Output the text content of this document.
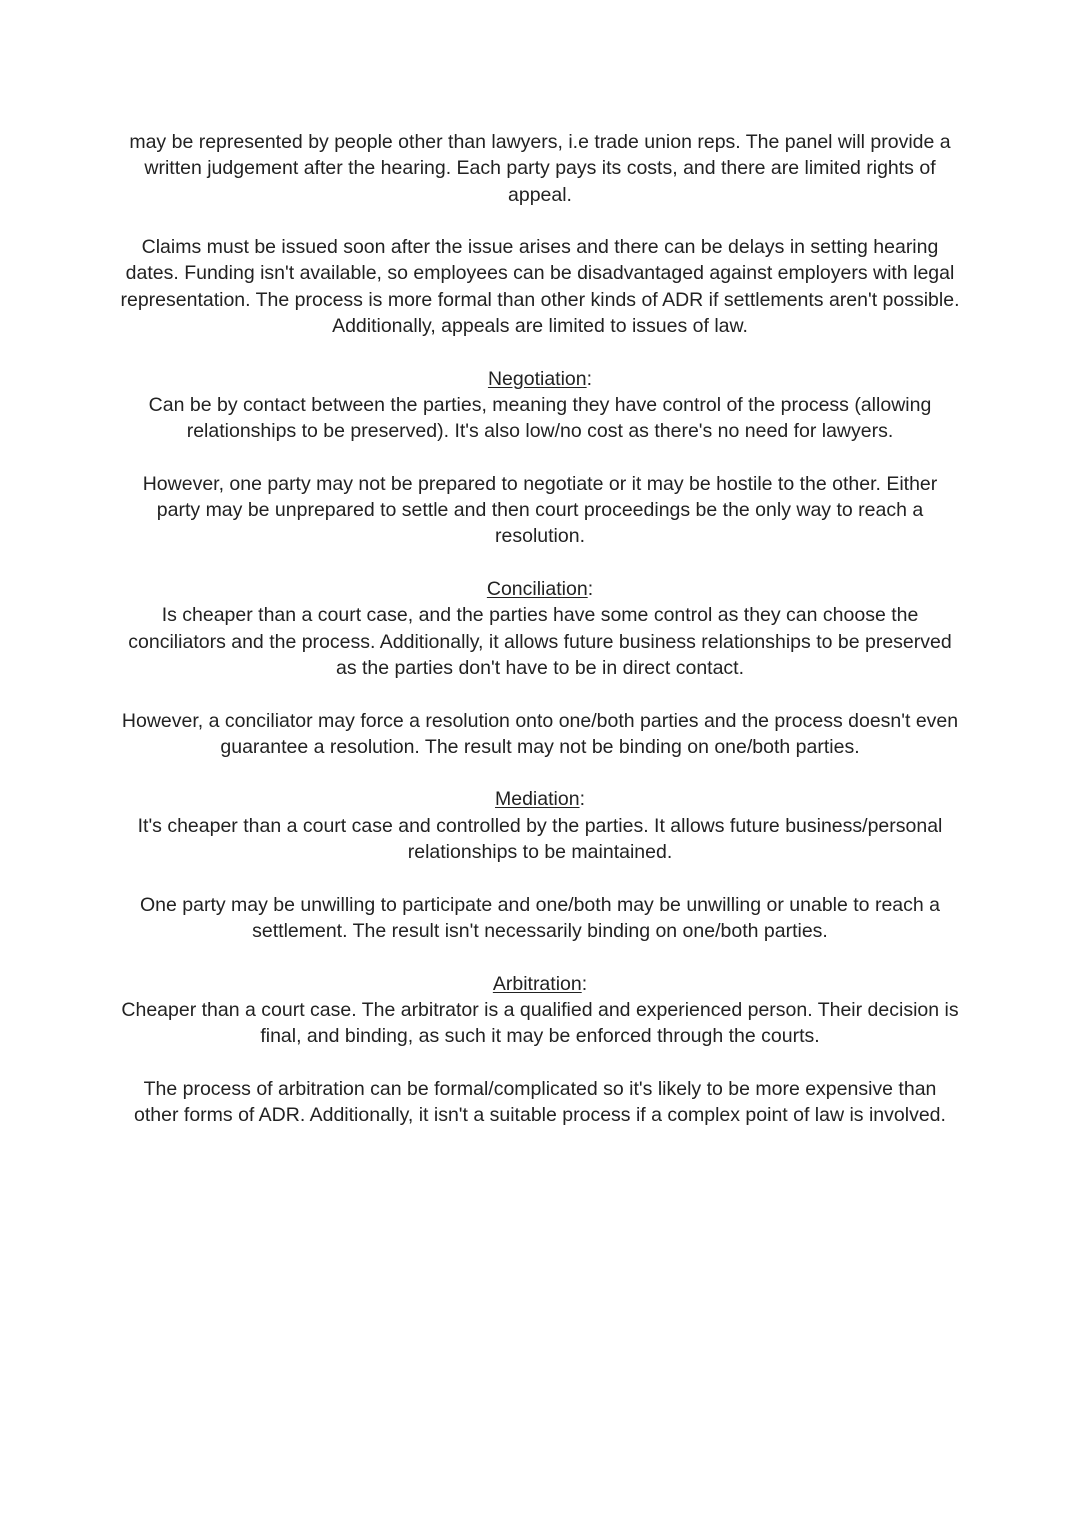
may be represented by people other than lawyers, i.e trade union reps. The panel will provide a written judgement after the hearing. Each party pays its costs, and there are limited rights of appeal.

Claims must be issued soon after the issue arises and there can be delays in setting hearing dates. Funding isn't available, so employees can be disadvantaged against employers with legal representation. The process is more formal than other kinds of ADR if settlements aren't possible. Additionally, appeals are limited to issues of law.

Negotiation:

Can be by contact between the parties, meaning they have control of the process (allowing relationships to be preserved). It's also low/no cost as there's no need for lawyers.

However, one party may not be prepared to negotiate or it may be hostile to the other. Either party may be unprepared to settle and then court proceedings be the only way to reach a resolution.

Conciliation:

Is cheaper than a court case, and the parties have some control as they can choose the conciliators and the process. Additionally, it allows future business relationships to be preserved as the parties don't have to be in direct contact.

However, a conciliator may force a resolution onto one/both parties and the process doesn't even guarantee a resolution. The result may not be binding on one/both parties.

Mediation:

It's cheaper than a court case and controlled by the parties. It allows future business/personal relationships to be maintained.

One party may be unwilling to participate and one/both may be unwilling or unable to reach a settlement. The result isn't necessarily binding on one/both parties.

Arbitration:

Cheaper than a court case. The arbitrator is a qualified and experienced person. Their decision is final, and binding, as such it may be enforced through the courts.

The process of arbitration can be formal/complicated so it's likely to be more expensive than other forms of ADR. Additionally, it isn't a suitable process if a complex point of law is involved.
